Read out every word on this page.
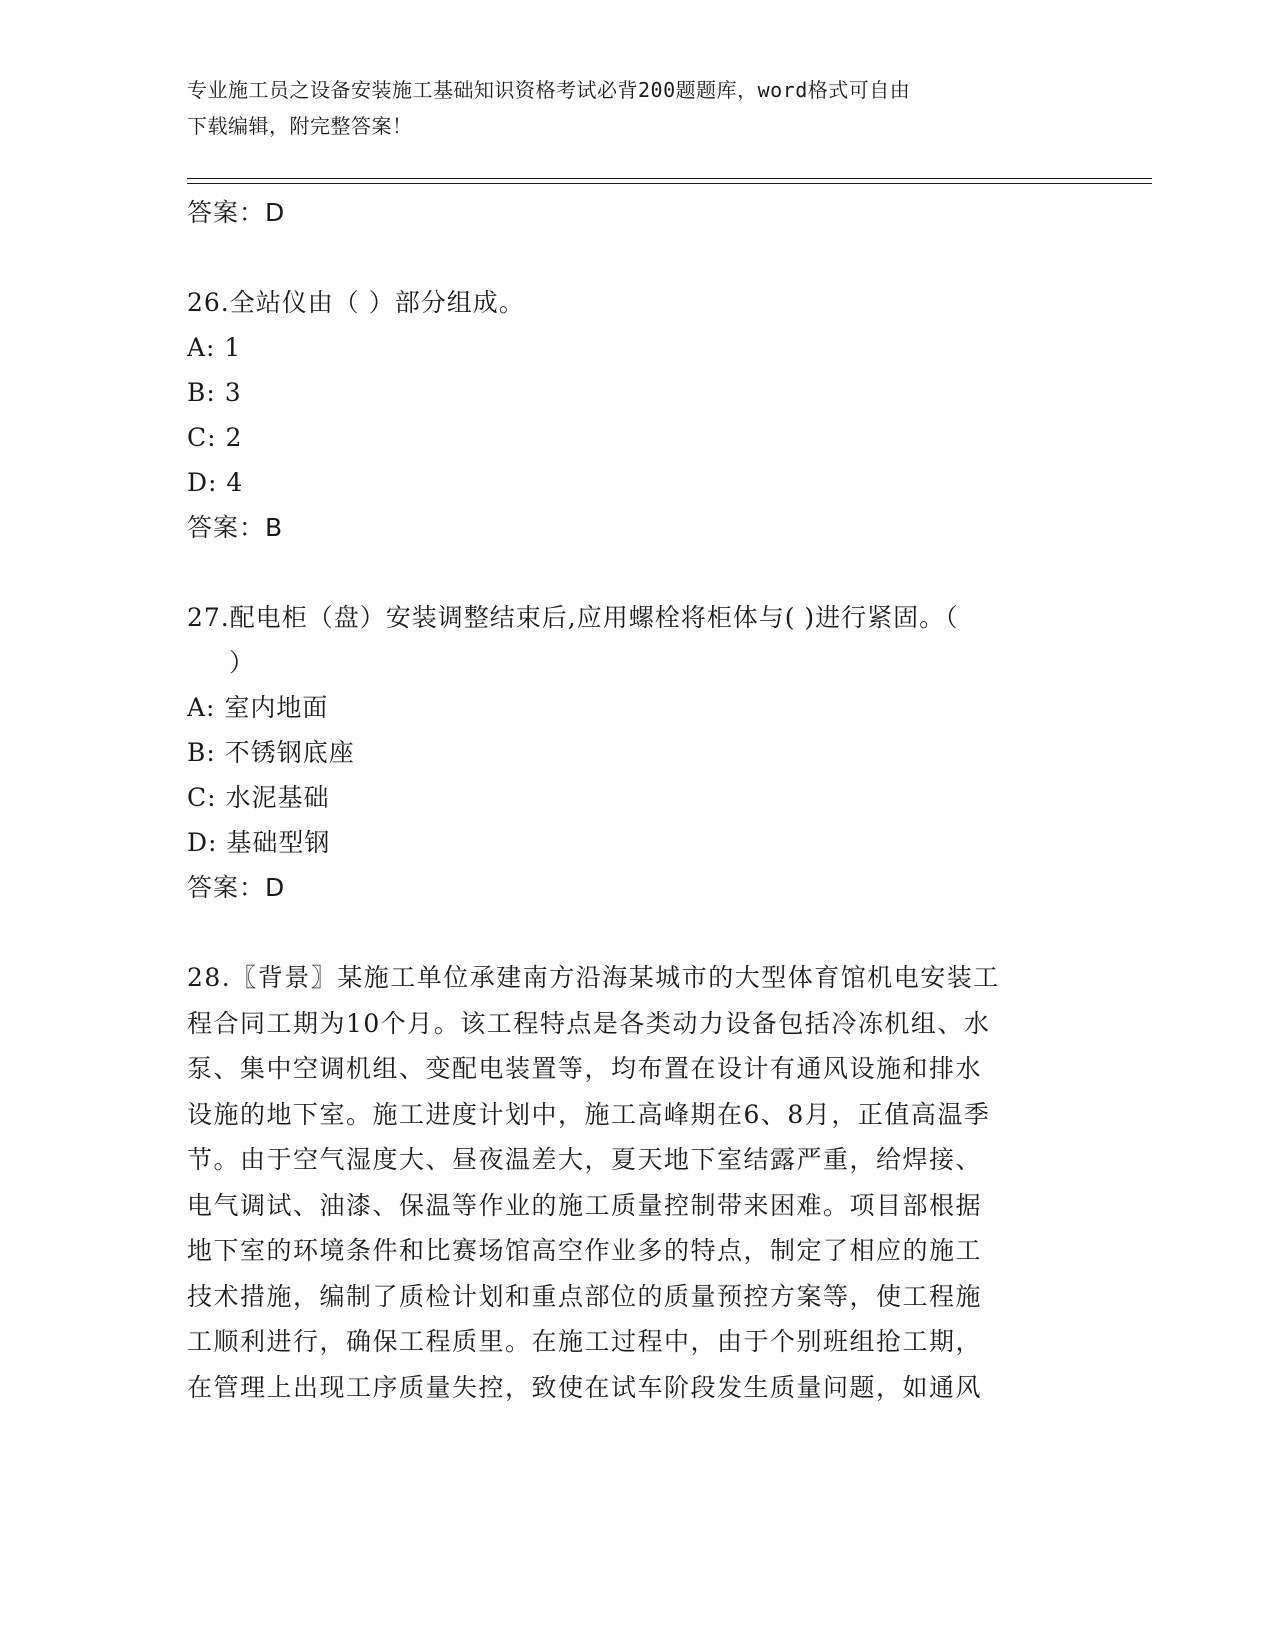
专业施工员之设备安装施工基础知识资格考试必背200题题库，word格式可自由
下载编辑，附完整答案！
答案：D
26.全站仪由（ ）部分组成。
A: 1
B: 3
C: 2
D: 4
答案：B
27.配电柜（盘）安装调整结束后,应用螺栓将柜体与( )进行紧固。（
）
A: 室内地面
B: 不锈钢底座
C: 水泥基础
D: 基础型钢
答案：D
28.〖背景〗某施工单位承建南方沿海某城市的大型体育馆机电安装工
程合同工期为10个月。该工程特点是各类动力设备包括冷冻机组、水
泵、集中空调机组、变配电装置等，均布置在设计有通风设施和排水
设施的地下室。施工进度计划中，施工高峰期在6、8月，正值高温季
节。由于空气湿度大、昼夜温差大，夏天地下室结露严重，给焊接、
电气调试、油漆、保温等作业的施工质量控制带来困难。项目部根据
地下室的环境条件和比赛场馆高空作业多的特点，制定了相应的施工
技术措施，编制了质检计划和重点部位的质量预控方案等，使工程施
工顺利进行，确保工程质里。在施工过程中，由于个别班组抢工期，
在管理上出现工序质量失控，致使在试车阶段发生质量问题，如通风
